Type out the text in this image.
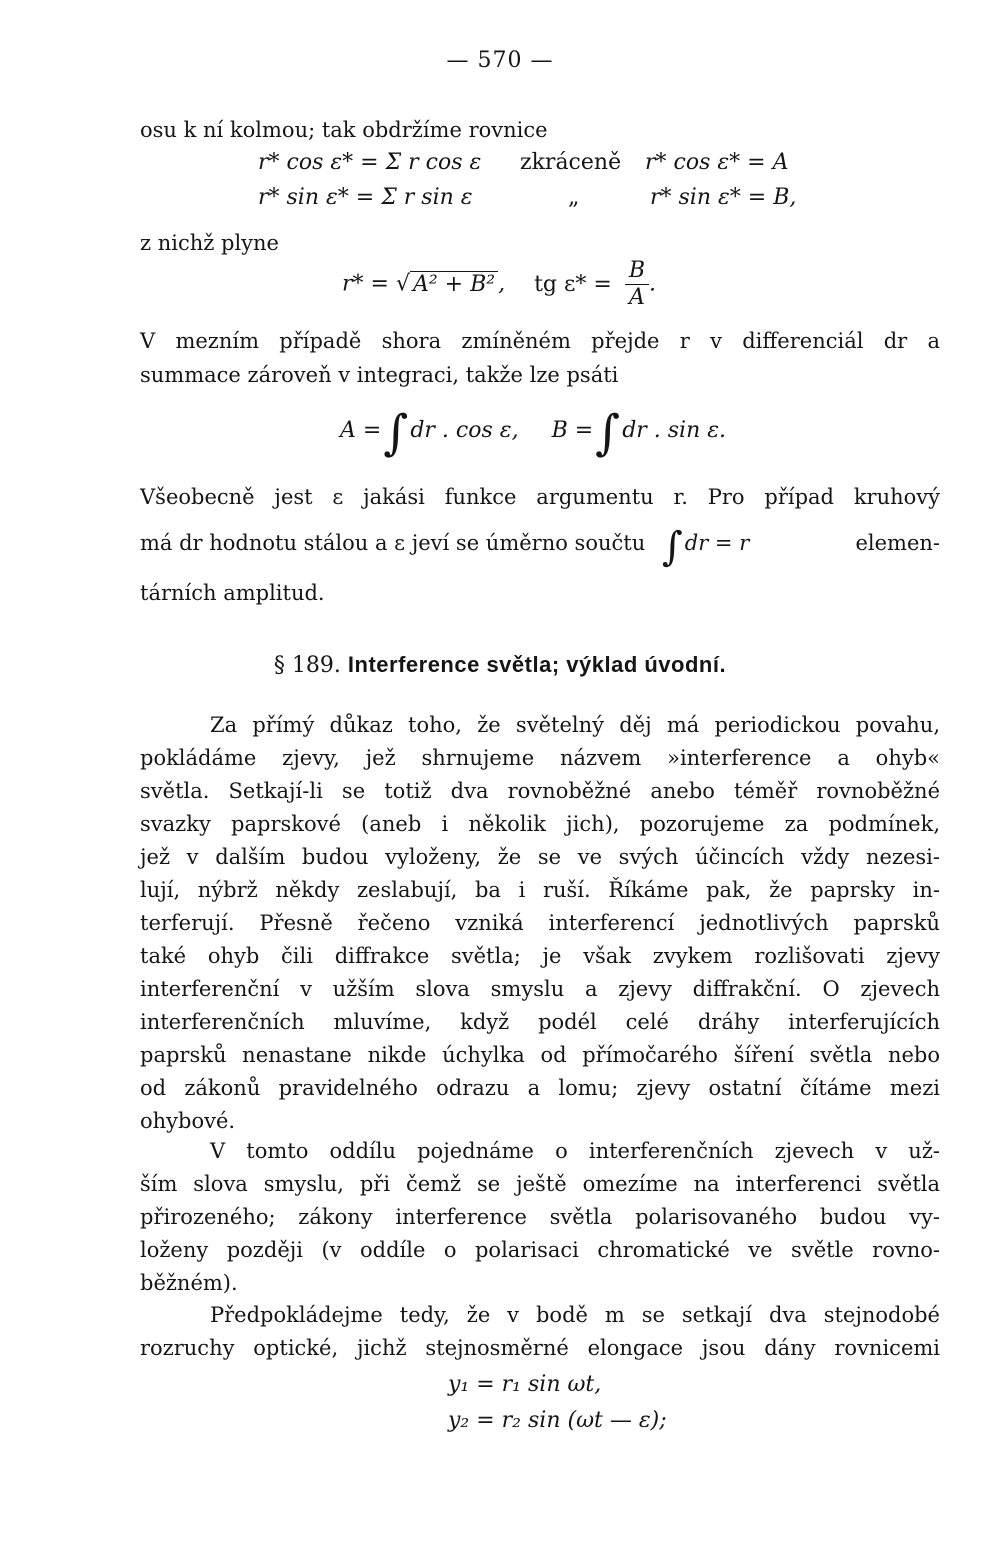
— 570 —
osu k ní kolmou; tak obdržíme rovnice
r* cos ε* = Σ r cos ε zkráceně r* cos ε* = A
r* sin ε* = Σ r sin ε	„	r* sin ε* = B,
z nichž plyne
r* = √ A² + B² , tg $\varepsilon* = \frac{B}{A}$ .
V mezním případě shora zmíněném přejde r v differenciál dr a
summace zároveň v integraci, takže lze psáti
A =∫dr . cos ε, B =∫dr . sin ε.
Všeobecně jest ε jakási funkce argumentu r. Pro případ kruhový
má dr hodnotu stálou a ε jeví se úměrno součtu ∫dr = r	elemen-
tárních amplitud.
§ 189. Interference světla; výklad úvodní.
Za přímý důkaz toho, že světelný děj má periodickou povahu,
pokládáme zjevy, jež shrnujeme názvem »interference a ohyb«
světla. Setkají-li se totiž dva rovnoběžné anebo téměř rovnoběžné
svazky paprskové (aneb i několik jich), pozorujeme za podmínek,
jež v dalším budou vyloženy, že se ve svých účincích vždy nezesi-
lují, nýbrž někdy zeslabují, ba i ruší. Říkáme pak, že paprsky in-
terferují. Přesně řečeno vzniká interferencí jednotlivých paprsků
také ohyb čili diffrakce světla; je však zvykem rozlišovati zjevy
interferenční v užším slova smyslu a zjevy diffrakční. O zjevech
interferenčních mluvíme, když podél celé dráhy interferujících
paprsků nenastane nikde úchylka od přímočarého šíření světla nebo
od zákonů pravidelného odrazu a lomu; zjevy ostatní čítáme mezi
ohybové.
V tomto oddílu pojednáme o interferenčních zjevech v už-
ším slova smyslu, při čemž se ještě omezíme na interferenci světla
přirozeného; zákony interference světla polarisovaného budou vy-
loženy později (v oddíle o polarisaci chromatické ve světle rovno-
běžném).
Předpokládejme tedy, že v bodě m se setkají dva stejnodobé
rozruchy optické, jichž stejnosměrné elongace jsou dány rovnicemi
y₁ = r₁ sin ωt,
y₂ = r₂ sin (ωt — ε);
